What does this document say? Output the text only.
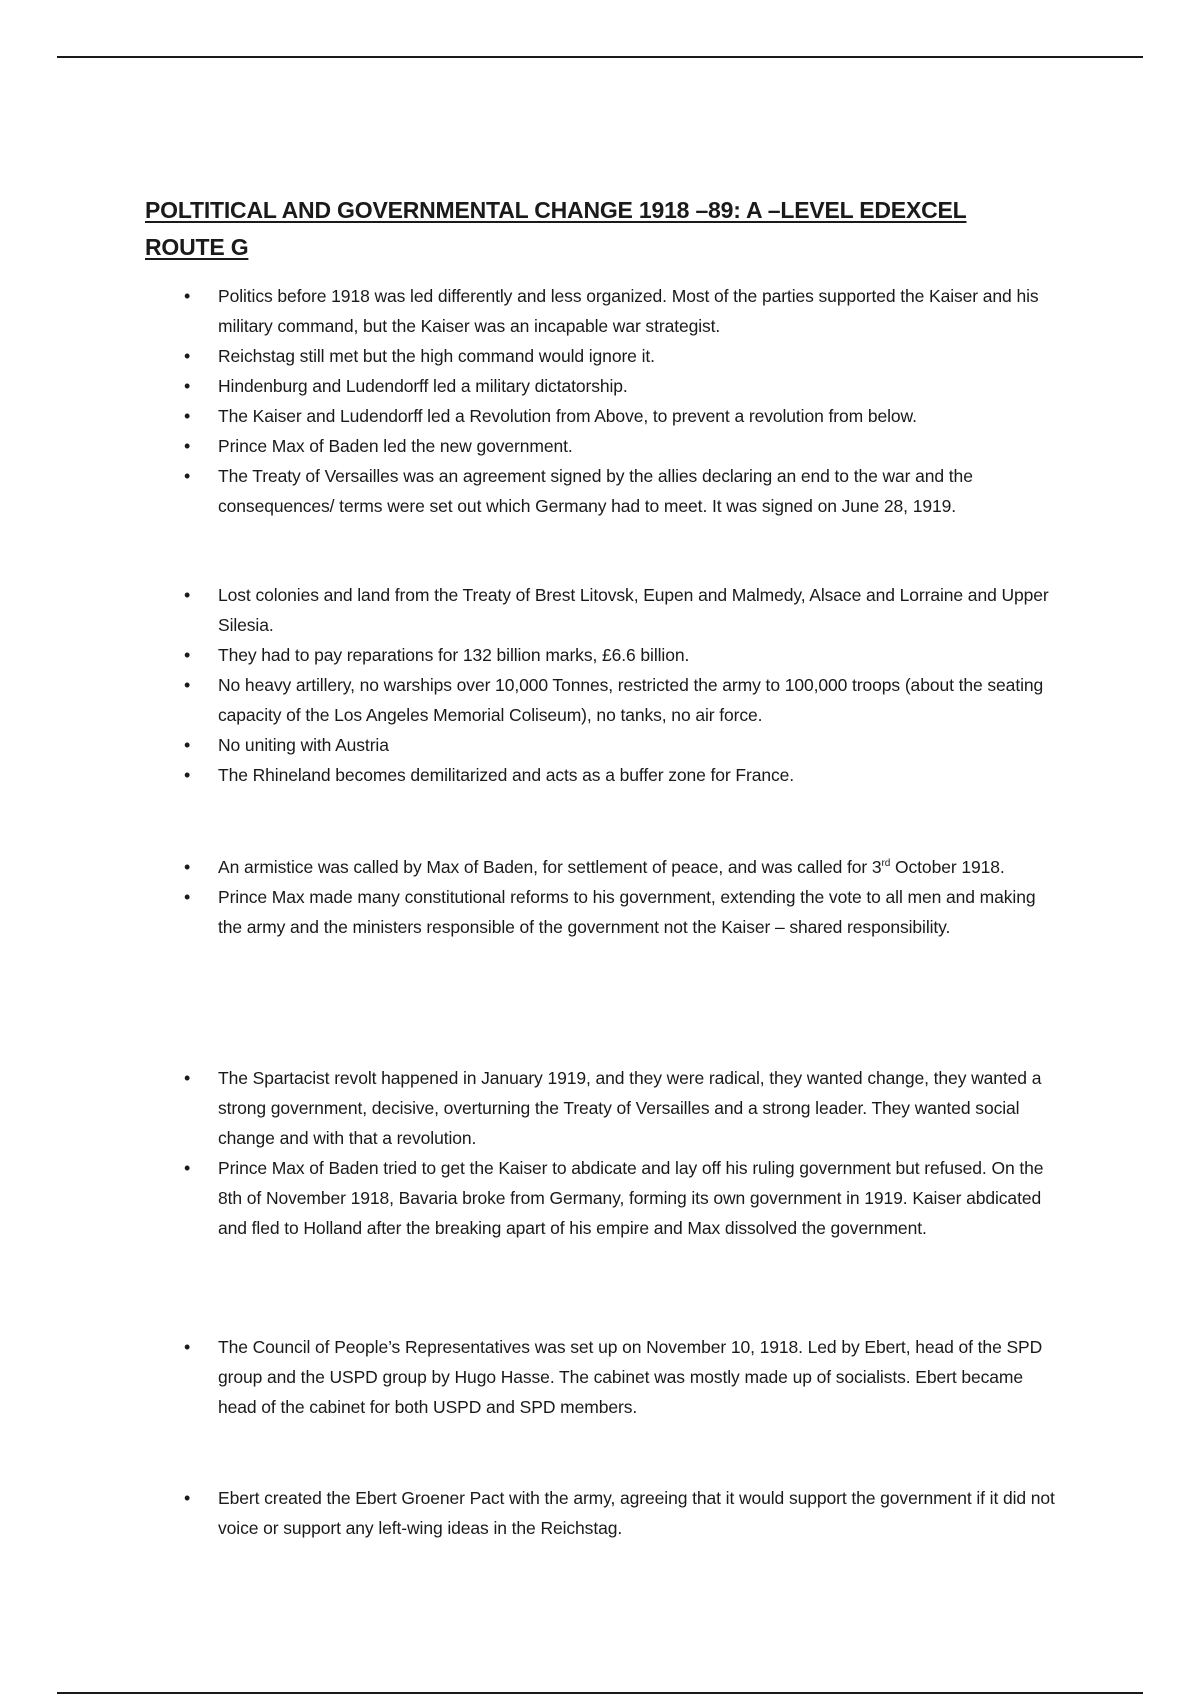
POLTITICAL AND GOVERNMENTAL CHANGE 1918 –89: A –LEVEL EDEXCEL ROUTE G
• Politics before 1918 was led differently and less organized. Most of the parties supported the Kaiser and his military command, but the Kaiser was an incapable war strategist.
• Reichstag still met but the high command would ignore it.
• Hindenburg and Ludendorff led a military dictatorship.
• The Kaiser and Ludendorff led a Revolution from Above, to prevent a revolution from below.
• Prince Max of Baden led the new government.
• The Treaty of Versailles was an agreement signed by the allies declaring an end to the war and the consequences/ terms were set out which Germany had to meet. It was signed on June 28, 1919.
• Lost colonies and land from the Treaty of Brest Litovsk, Eupen and Malmedy, Alsace and Lorraine and Upper Silesia.
• They had to pay reparations for 132 billion marks, £6.6 billion.
• No heavy artillery, no warships over 10,000 Tonnes, restricted the army to 100,000 troops (about the seating capacity of the Los Angeles Memorial Coliseum), no tanks, no air force.
• No uniting with Austria
• The Rhineland becomes demilitarized and acts as a buffer zone for France.
• An armistice was called by Max of Baden, for settlement of peace, and was called for 3rd October 1918.
• Prince Max made many constitutional reforms to his government, extending the vote to all men and making the army and the ministers responsible of the government not the Kaiser – shared responsibility.
• The Spartacist revolt happened in January 1919, and they were radical, they wanted change, they wanted a strong government, decisive, overturning the Treaty of Versailles and a strong leader. They wanted social change and with that a revolution.
• Prince Max of Baden tried to get the Kaiser to abdicate and lay off his ruling government but refused. On the 8th of November 1918, Bavaria broke from Germany, forming its own government in 1919. Kaiser abdicated and fled to Holland after the breaking apart of his empire and Max dissolved the government.
• The Council of People’s Representatives was set up on November 10, 1918. Led by Ebert, head of the SPD group and the USPD group by Hugo Hasse. The cabinet was mostly made up of socialists. Ebert became head of the cabinet for both USPD and SPD members.
• Ebert created the Ebert Groener Pact with the army, agreeing that it would support the government if it did not voice or support any left-wing ideas in the Reichstag.
